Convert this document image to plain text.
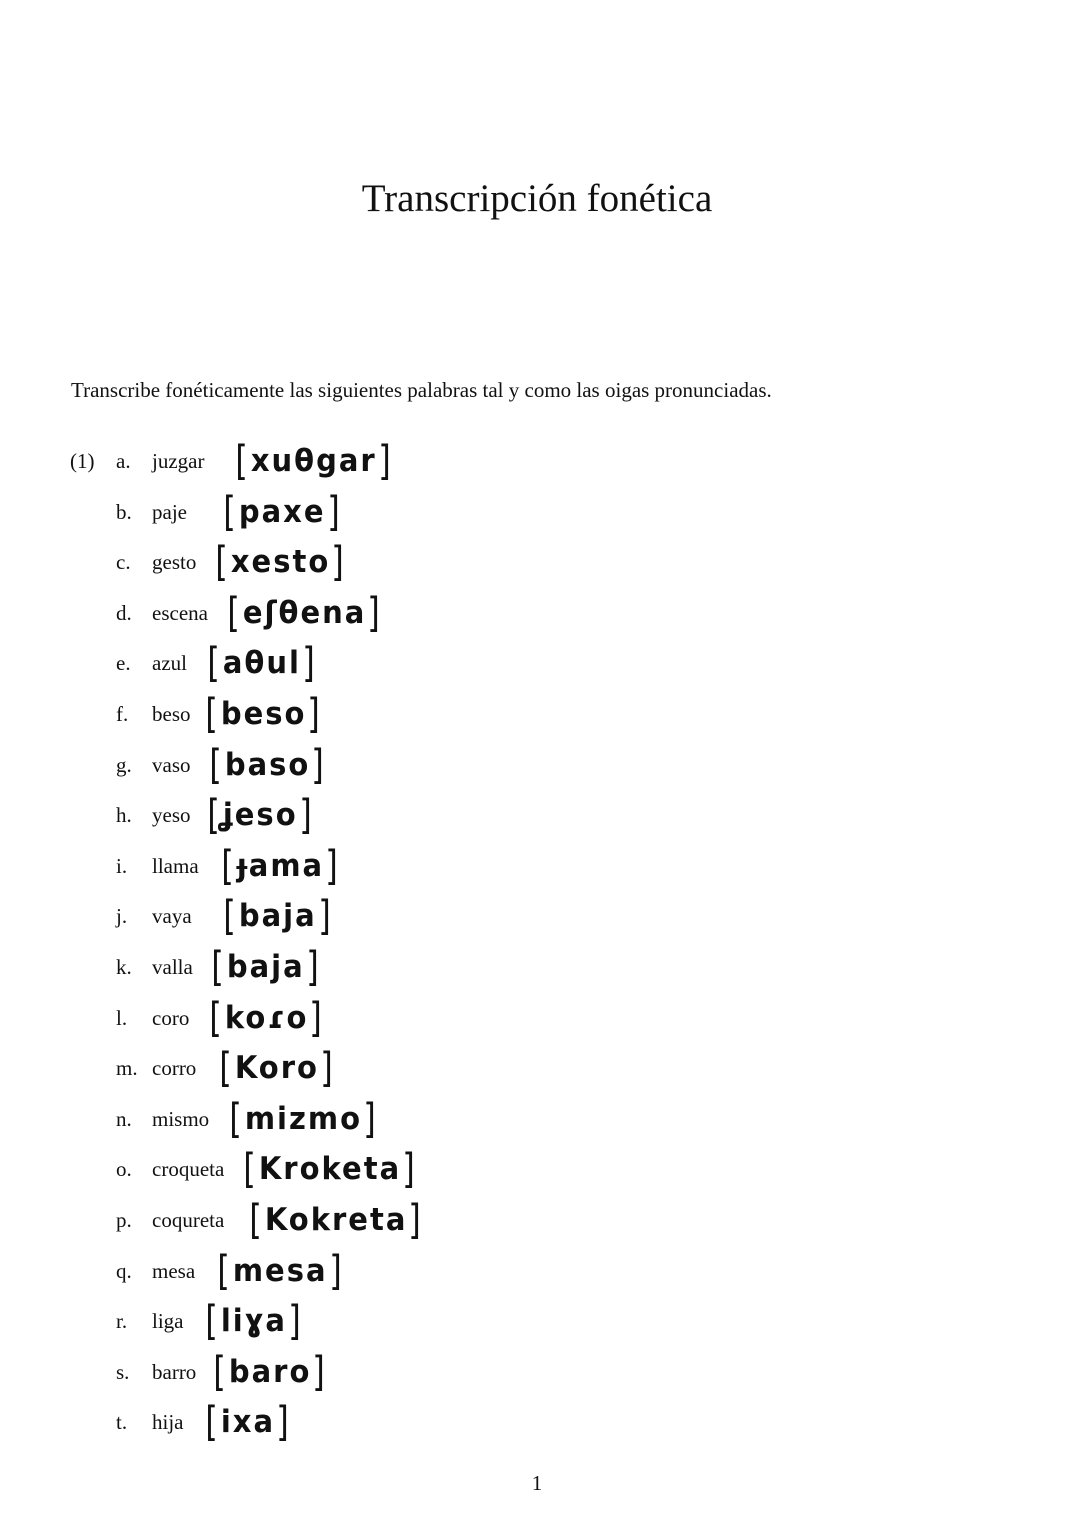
Transcripción fonética

Transcribe fonéticamente las siguientes palabras tal y como las oigas pronunciadas.

(1) a. juzgar [xuθgar]
b. paje [paxe]
c. gesto [xesto]
d. escena [eʃθena]
e. azul [aθul]
f. beso [beso]
g. vaso [baso]
h. yeso [ʝeso]
i. llama [ɟama]
j. vaya [baja]
k. valla [baja]
l. coro [koɾo]
m. corro [Koro]
n. mismo [mizmo]
o. croqueta [Kroketa]
p. coqureta [Kokreta]
q. mesa [mesa]
r. liga [liɣa]
s. barro [baro]
t. hija [ixa]
1
